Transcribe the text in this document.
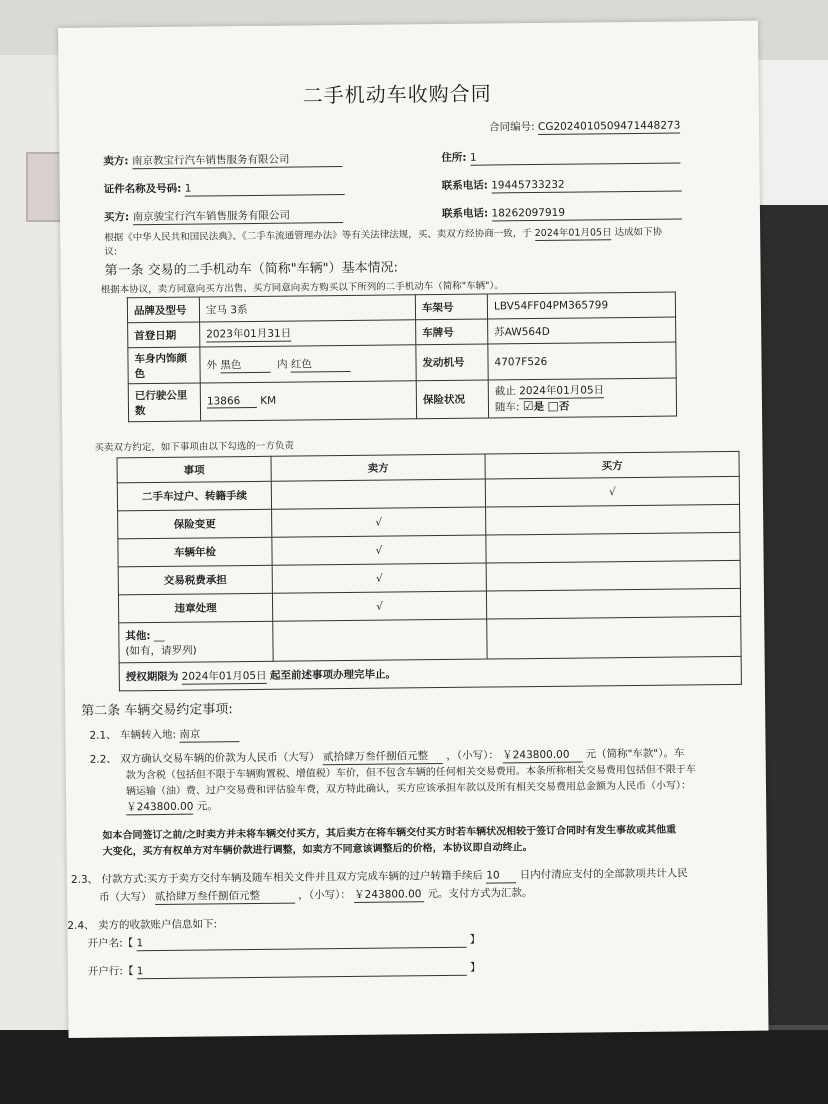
二手机动车收购合同
合同编号: CG2024010509471448273
卖方: 南京教宝行汽车销售服务有限公司	住所: 1
证件名称及号码: 1	联系电话: 19445733232
买方: 南京骏宝行汽车销售服务有限公司	联系电话: 18262097919
根据《中华人民共和国民法典》、《二手车流通管理办法》等有关法律法规，买、卖双方经协商一致，于 2024年01月05日 达成如下协
议:
第一条 交易的二手机动车（简称"车辆"）基本情况:
根据本协议，卖方同意向买方出售、买方同意向卖方购买以下所列的二手机动车（简称"车辆"）。
品牌及型号	宝马 3系	车架号	LBV54FF04PM365799
首登日期	2023年01月31日	车牌号	苏AW564D
车身内饰颜色	外 黑色 内 红色	发动机号	4707F526
已行驶公里数	13866 KM	保险状况	截止 2024年01月05日
随车: ☑是 □否
买卖双方约定，如下事项由以下勾选的一方负责
事项	卖方	买方
二手车过户、转籍手续		√
保险变更	√	
车辆年检	√	
交易税费承担	√	
违章处理	√	
其他: __
(如有，请罗列)		
授权期限为 2024年01月05日 起至前述事项办理完毕止。		
第二条 车辆交易约定事项:
2.1、 车辆转入地: 南京
2.2、 双方确认交易车辆的价款为人民币（大写） 贰拾肆万叁仟捌佰元整 ，（小写）： ￥243800.00 元（简称"车款"）。车
款为含税（包括但不限于车辆购置税、增值税）车价，但不包含车辆的任何相关交易费用。本条所称相关交易费用包括但不限于车
辆运输（油）费、过户交易费和评估验车费，双方特此确认，买方应该承担车款以及所有相关交易费用总金额为人民币（小写）：
￥243800.00 元。
如本合同签订之前/之时卖方并未将车辆交付买方，其后卖方在将车辆交付买方时若车辆状况相较于签订合同时有发生事故或其他重
大变化，买方有权单方对车辆价款进行调整，如卖方不同意该调整后的价格，本协议即自动终止。
2.3、 付款方式:买方于卖方交付车辆及随车相关文件并且双方完成车辆的过户转籍手续后 10 日内付清应支付的全部款项共计人民
币（大写） 贰拾肆万叁仟捌佰元整	，（小写）： ￥243800.00 元。支付方式为汇款。
2.4、 卖方的收款账户信息如下:
开户名:【 1	】
开户行:【 1	】
